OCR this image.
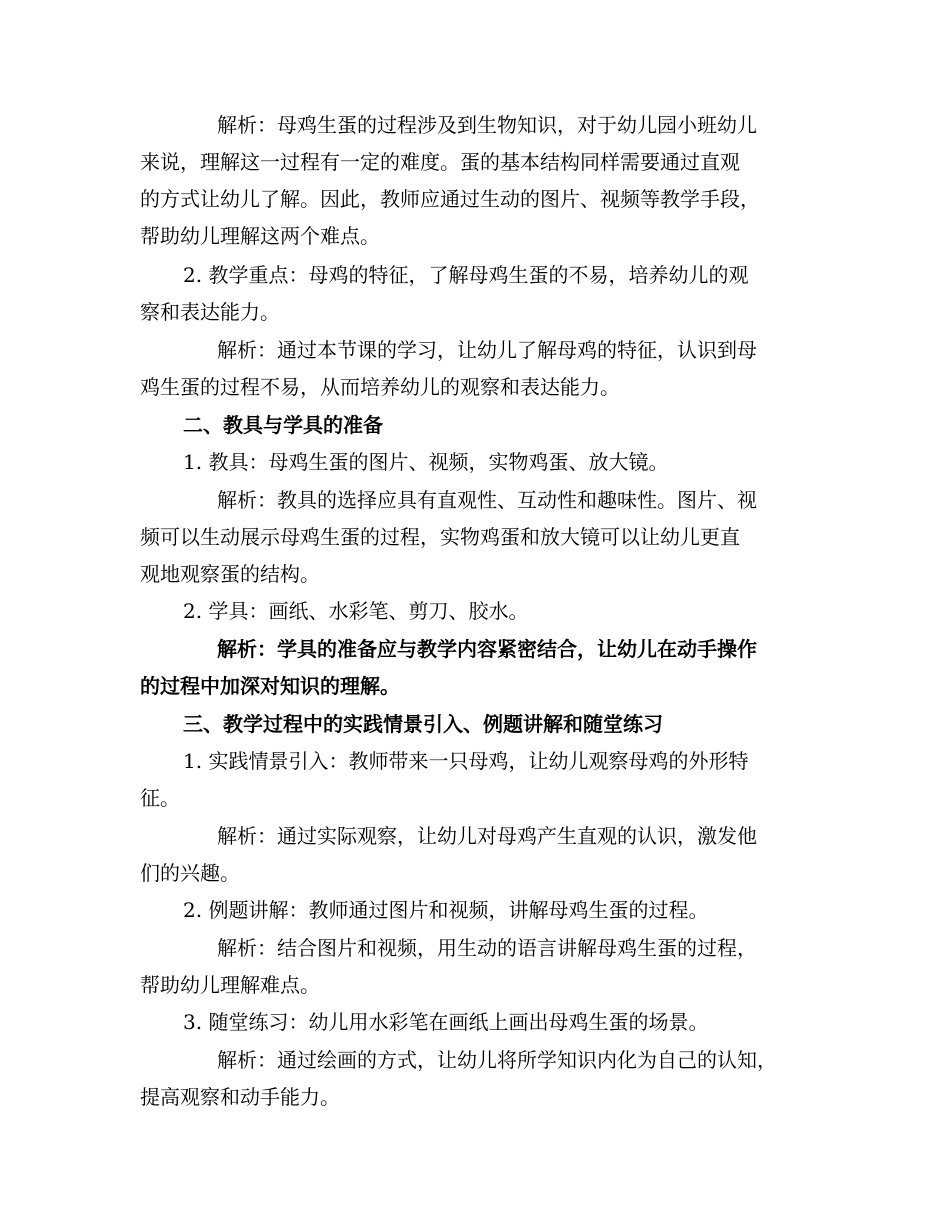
解析：母鸡生蛋的过程涉及到生物知识，对于幼儿园小班幼儿
来说，理解这一过程有一定的难度。蛋的基本结构同样需要通过直观
的方式让幼儿了解。因此，教师应通过生动的图片、视频等教学手段，
帮助幼儿理解这两个难点。
2. 教学重点：母鸡的特征，了解母鸡生蛋的不易，培养幼儿的观
察和表达能力。
解析：通过本节课的学习，让幼儿了解母鸡的特征，认识到母
鸡生蛋的过程不易，从而培养幼儿的观察和表达能力。
二、教具与学具的准备
1. 教具：母鸡生蛋的图片、视频，实物鸡蛋、放大镜。
解析：教具的选择应具有直观性、互动性和趣味性。图片、视
频可以生动展示母鸡生蛋的过程，实物鸡蛋和放大镜可以让幼儿更直
观地观察蛋的结构。
2. 学具：画纸、水彩笔、剪刀、胶水。
解析：学具的准备应与教学内容紧密结合，让幼儿在动手操作
的过程中加深对知识的理解。
三、教学过程中的实践情景引入、例题讲解和随堂练习
1. 实践情景引入：教师带来一只母鸡，让幼儿观察母鸡的外形特
征。
解析：通过实际观察，让幼儿对母鸡产生直观的认识，激发他
们的兴趣。
2. 例题讲解：教师通过图片和视频，讲解母鸡生蛋的过程。
解析：结合图片和视频，用生动的语言讲解母鸡生蛋的过程，
帮助幼儿理解难点。
3. 随堂练习：幼儿用水彩笔在画纸上画出母鸡生蛋的场景。
解析：通过绘画的方式，让幼儿将所学知识内化为自己的认知，
提高观察和动手能力。
